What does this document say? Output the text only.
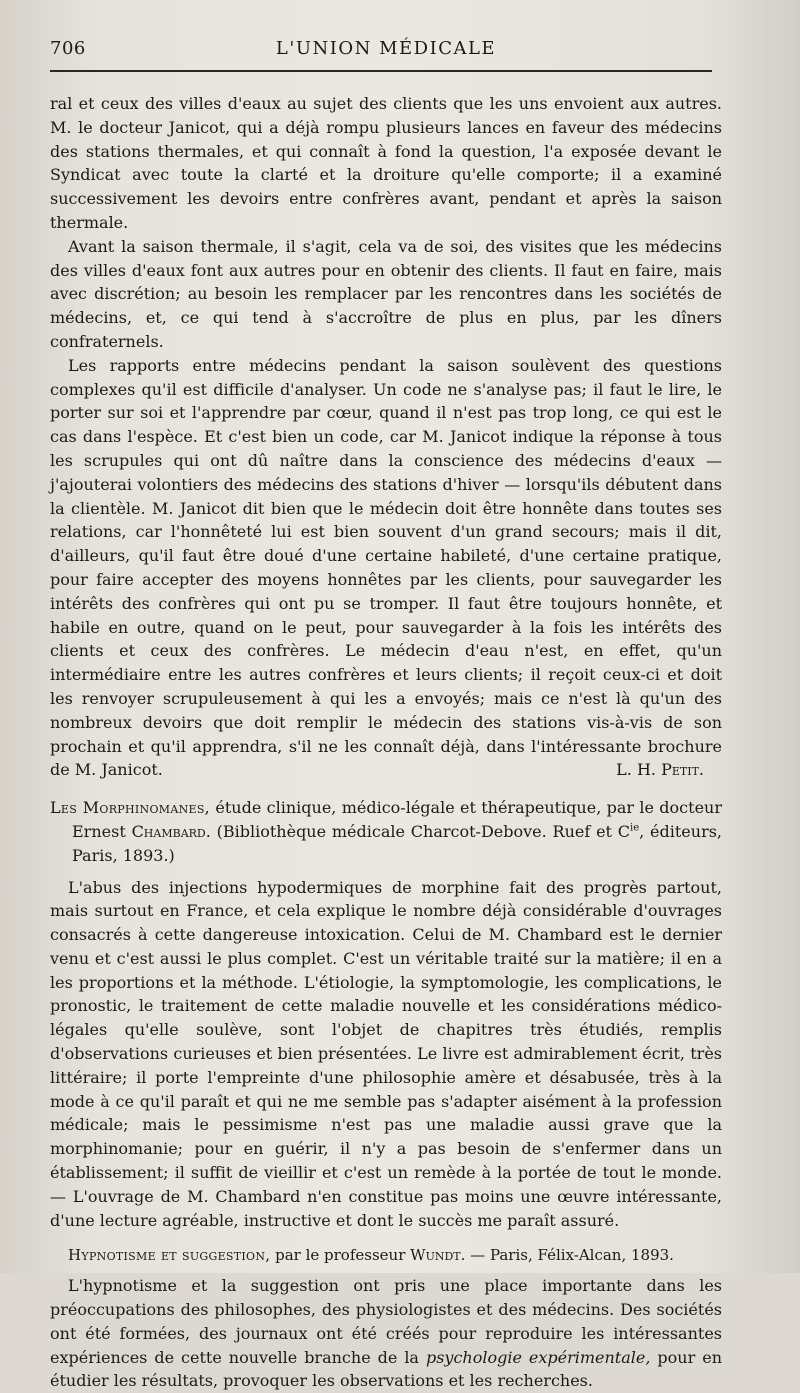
706	L'UNION MÉDICALE

ral et ceux des villes d'eaux au sujet des clients que les uns envoient aux autres. M. le docteur Janicot, qui a déjà rompu plusieurs lances en faveur des médecins des stations thermales, et qui connaît à fond la question, l'a exposée devant le Syndicat avec toute la clarté et la droiture qu'elle comporte; il a examiné successivement les devoirs entre confrères avant, pendant et après la saison thermale.

Avant la saison thermale, il s'agit, cela va de soi, des visites que les médecins des villes d'eaux font aux autres pour en obtenir des clients. Il faut en faire, mais avec discrétion; au besoin les remplacer par les rencontres dans les sociétés de médecins, et, ce qui tend à s'accroître de plus en plus, par les dîners confraternels.

Les rapports entre médecins pendant la saison soulèvent des questions complexes qu'il est difficile d'analyser. Un code ne s'analyse pas; il faut le lire, le porter sur soi et l'apprendre par cœur, quand il n'est pas trop long, ce qui est le cas dans l'espèce. Et c'est bien un code, car M. Janicot indique la réponse à tous les scrupules qui ont dû naître dans la conscience des médecins d'eaux — j'ajouterai volontiers des médecins des stations d'hiver — lorsqu'ils débutent dans la clientèle. M. Janicot dit bien que le médecin doit être honnête dans toutes ses relations, car l'honnêteté lui est bien souvent d'un grand secours; mais il dit, d'ailleurs, qu'il faut être doué d'une certaine habileté, d'une certaine pratique, pour faire accepter des moyens honnêtes par les clients, pour sauvegarder les intérêts des confrères qui ont pu se tromper. Il faut être toujours honnête, et habile en outre, quand on le peut, pour sauvegarder à la fois les intérêts des clients et ceux des confrères. Le médecin d'eau n'est, en effet, qu'un intermédiaire entre les autres confrères et leurs clients; il reçoit ceux-ci et doit les renvoyer scrupuleusement à qui les a envoyés; mais ce n'est là qu'un des nombreux devoirs que doit remplir le médecin des stations vis-à-vis de son prochain et qu'il apprendra, s'il ne les connaît déjà, dans l'intéressante brochure de M. Janicot.	L. H. Petit.

Les Morphinomanes, étude clinique, médico-légale et thérapeutique, par le docteur Ernest Chambard. (Bibliothèque médicale Charcot-Debove. Ruef et $C^{ie}$, éditeurs, Paris, 1893.)

L'abus des injections hypodermiques de morphine fait des progrès partout, mais surtout en France, et cela explique le nombre déjà considérable d'ouvrages consacrés à cette dangereuse intoxication. Celui de M. Chambard est le dernier venu et c'est aussi le plus complet. C'est un véritable traité sur la matière; il en a les proportions et la méthode. L'étiologie, la symptomologie, les complications, le pronostic, le traitement de cette maladie nouvelle et les considérations médico-légales qu'elle soulève, sont l'objet de chapitres très étudiés, remplis d'observations curieuses et bien présentées. Le livre est admirablement écrit, très littéraire; il porte l'empreinte d'une philosophie amère et désabusée, très à la mode à ce qu'il paraît et qui ne me semble pas s'adapter aisément à la profession médicale; mais le pessimisme n'est pas une maladie aussi grave que la morphinomanie; pour en guérir, il n'y a pas besoin de s'enfermer dans un établissement; il suffit de vieillir et c'est un remède à la portée de tout le monde. — L'ouvrage de M. Chambard n'en constitue pas moins une œuvre intéressante, d'une lecture agréable, instructive et dont le succès me paraît assuré.

Hypnotisme et suggestion, par le professeur Wundt. — Paris, Félix-Alcan, 1893.

L'hypnotisme et la suggestion ont pris une place importante dans les préoccupations des philosophes, des physiologistes et des médecins. Des sociétés ont été formées, des journaux ont été créés pour reproduire les intéressantes expériences de cette nouvelle branche de la psychologie expérimentale, pour en étudier les résultats, provoquer les observations et les recherches.
